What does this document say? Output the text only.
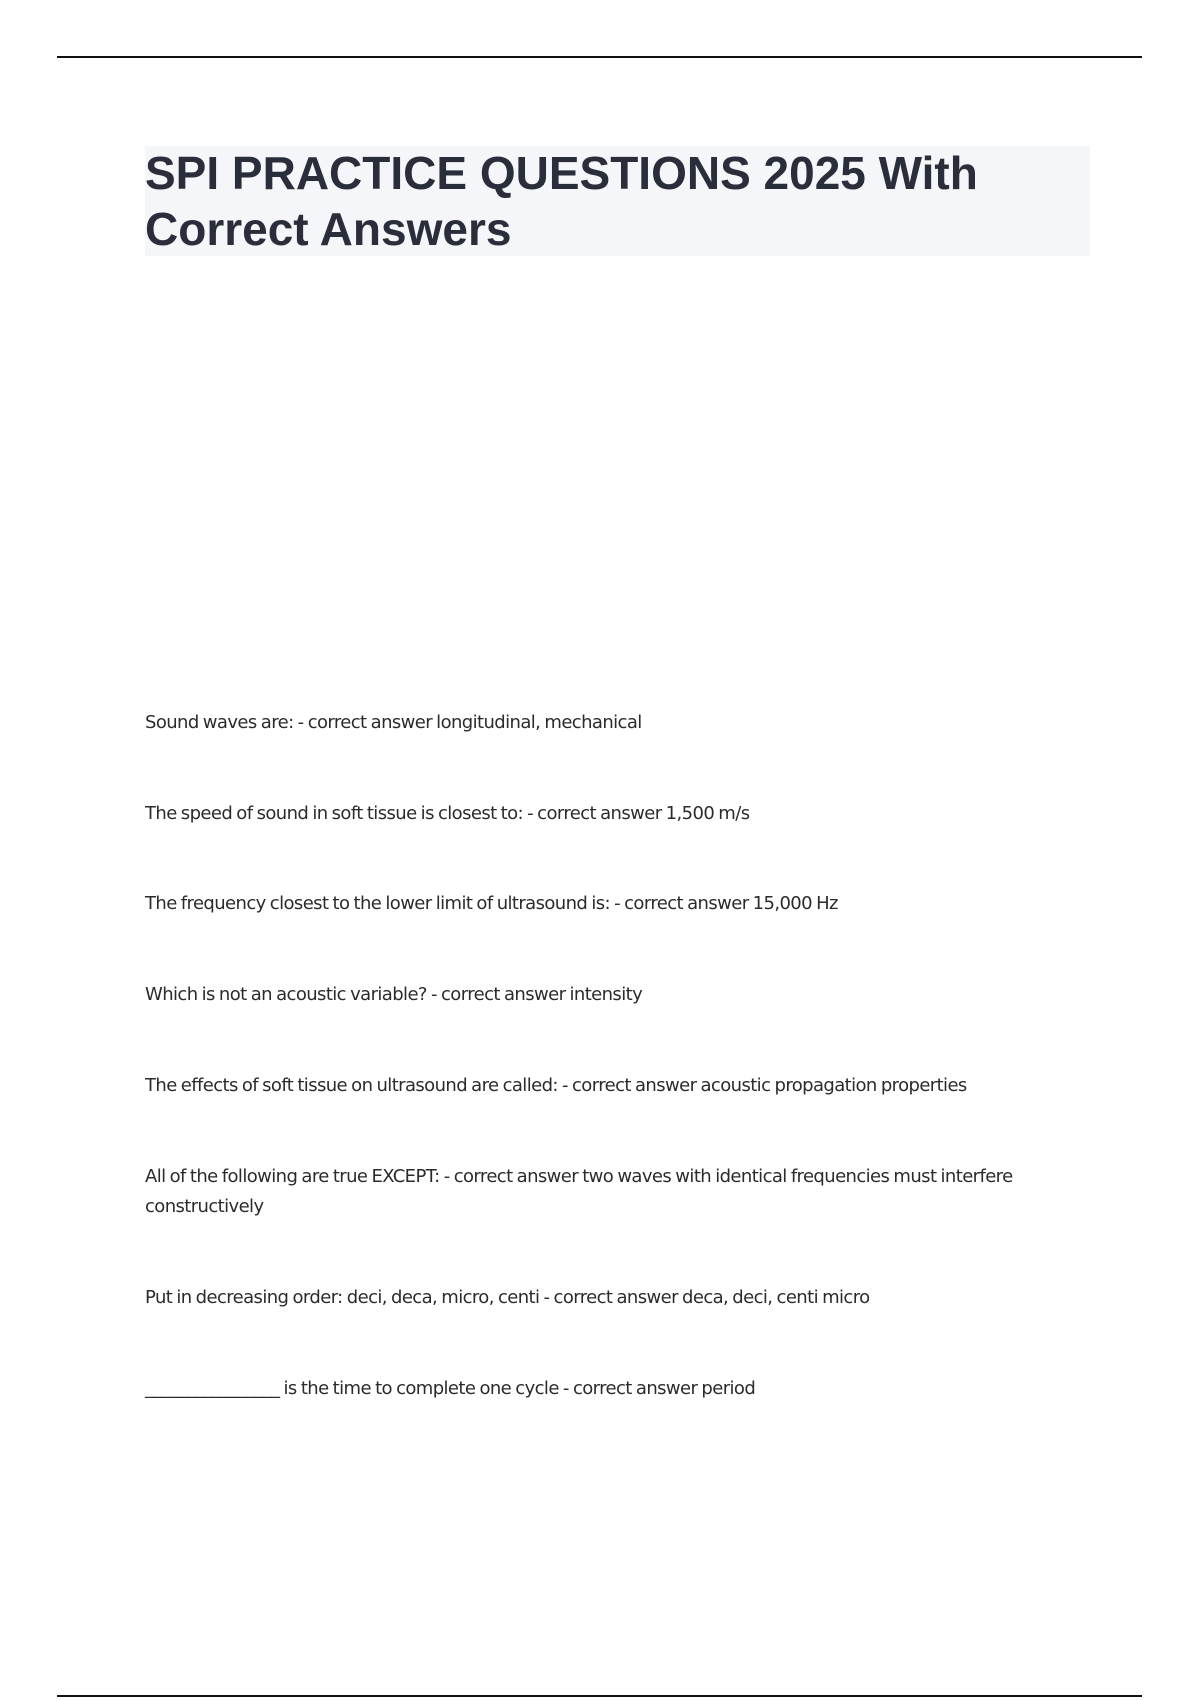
SPI PRACTICE QUESTIONS 2025 With Correct Answers

Sound waves are: - correct answer longitudinal, mechanical

The speed of sound in soft tissue is closest to: - correct answer 1,500 m/s

The frequency closest to the lower limit of ultrasound is: - correct answer 15,000 Hz

Which is not an acoustic variable? - correct answer intensity

The effects of soft tissue on ultrasound are called: - correct answer acoustic propagation properties

All of the following are true EXCEPT: - correct answer two waves with identical frequencies must interfere constructively

Put in decreasing order: deci, deca, micro, centi - correct answer deca, deci, centi micro

________________ is the time to complete one cycle - correct answer period
